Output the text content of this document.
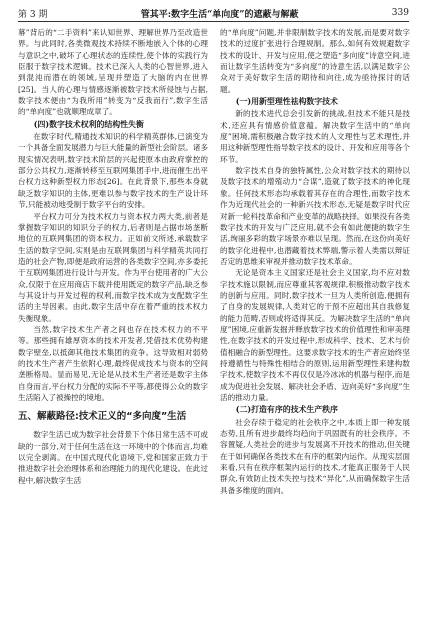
第 3 期	管其平:数字生活“单向度”的遮蔽与解蔽	339

幕”背后的“二手资料”来认知世界、理解世界乃至改造世界。与此同时,各类微观技术持续不断地嵌入个体的心理与意识之中,破坏了心理状态的连续性,使个体的实践行为臣服于数字技术逻辑。技术已深入人类的心智世界,进入到混沌而潜在的领域,呈现并塑造了大脑的内在世界[25]。当人的心理与情感逐渐被数字技术所侵蚀与占据,数字技术便由“为我所用”转变为“反我而行”,数字生活的“单向度”也就顺理成章了。

(四)数字技术权利的结构性失衡

在数字时代,精通技术知识的科学精英群体,已演变为一个具备全面发展潜力与巨大能量的新型社会阶层。诸多现实情况表明,数字技术阶层的兴起使原本由政府掌控的部分公共权力,逐渐转移至互联网集团手中,进而催生出平台权力这种新型权力形态[26]。在此背景下,那些本身就缺乏数字知识的主体,更难以参与数字技术的生产设计环节,只能被动地受制于数字平台的安排。

平台权力可分为技术权力与资本权力两大类,前者是掌握数字知识的知识分子的权力,后者则是占据市场垄断地位的互联网集团的资本权力。正如前文所述,承载数字生活的数字空间,实则是由互联网集团与科学精英共同打造的社会产物,即便是政府运营的各类数字空间,亦多委托于互联网集团进行设计与开发。作为平台使用者的广大公众,仅限于在应用商店下载并使用既定的数字产品,缺乏参与其设计与开发过程的权利,而数字技术成为支配数字生活的主导因素。由此,数字生活中存在着严重的技术权力失衡现象。

当然,数字技术生产者之间也存在技术权力的不平等。那些拥有雄厚资本的技术开发者,凭借技术优势构建数字壁垒,以抵御其他技术集团的竞争。这导致相对弱势的技术生产者产生依附心理,最终促成技术与资本的空间垄断格局。显而易见,无论是从技术生产者还是数字主体自身而言,平台权力分配的实际不平等,都使得公众的数字生活陷入了被操控的境地。

五、解蔽路径:技术正义的“多向度”生活

数字生活已成为数字社会背景下个体日常生活不可或缺的一部分,对于任何生活在这一环境中的个体而言,均难以完全剥离。在中国式现代化语境下,党和国家正致力于推进数字社会治理体系和治理能力的现代化建设。在此过程中,解决数字生活

的“单向度”问题,并非限制数字技术的发展,而是要对数字技术的过度扩张进行合理规制。那么,如何有效规避数字技术的设计、开发与应用,使之塑造“多向度”诗意空间,进而让数字生活转变为“多向度”的诗意生活,以满足数字公众对于美好数字生活的期待和向往,成为亟待探讨的话题。

(一)用新型理性祛构数字技术

新的技术进代总会引发新的挑战,但技术不能只是技术,还应具有情感价值意蕴。解决数字生活中的“单向度”困境,需积极融合数字技术的人文理性与艺术理性,并用这种新型理性指导数字技术的设计、开发和应用等各个环节。

数字技术自身的独特属性,公众对数字技术的期待以及数字技术的增殖动力“合谋”,造就了数字技术的神化现象。任何技术形态均承载着其存在的合理性,而数字技术作为近现代社会的一种新兴技术形态,无疑是数字时代应对新一轮科技革命和产业变革的战略抉择。如果没有各类数字技术的开发与广泛应用,就不会有如此便捷的数字生活,绚丽多彩的数字场景亦难以呈现。然而,在这份向美好的数字化进程中,也潜藏着技术弊端,警示着人类需以辩证否定的思维来审视并推动数字技术革命。

无论是资本主义国家还是社会主义国家,均不应对数字技术施以限制,而应尊重其客观规律,积极推动数字技术的创新与应用。同时,数字技术一旦为人类所创造,便拥有了自身的发展规律,人类对它的干预不应超出其自我修复的能力范畴,否则或将适得其反。为解决数字生活的“单向度”困境,应重新发掘并释放数字技术的价值理性和审美理性,在数字技术的开发过程中,形成科学、技术、艺术与价值相融合的新型理性。这要求数字技术的生产者应始终坚持遵循性与特殊性相结合的原则,运用新型理性来建构数字技术,使数字技术不再仅仅是冷冰冰的机器与程序,而是成为促进社会发展、解决社会矛盾、迈向美好“多向度”生活的推动力量。

(二)打造有序的技术生产秩序

社会存续于稳定的社会秩序之中,本质上即一种发展态势,且所有进步最终均趋向于巩固既有的社会秩序。不容置疑,人类社会的进步与发展离不开技术的推动,但关键在于如何确保各类技术在有序的框架内运作。从现实层面来看,只有在秩序框架内运行的技术,才能真正服务于人民群众,有效防止技术失控与技术“异化”,从而确保数字生活具备多维度的面向。
